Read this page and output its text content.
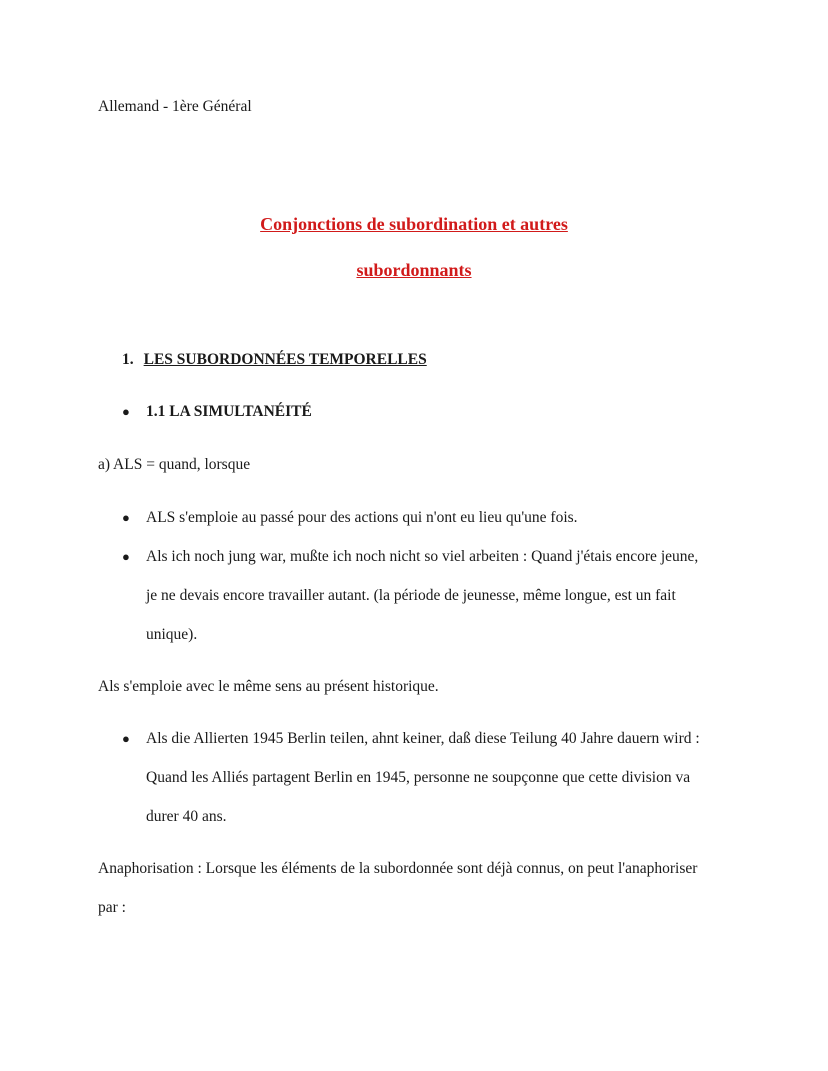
Allemand - 1ère Général
Conjonctions de subordination et autres
subordonnants
1. LES SUBORDONNÉES TEMPORELLES
● 1.1 LA SIMULTANÉITÉ
a) ALS = quand, lorsque
● ALS s'emploie au passé pour des actions qui n'ont eu lieu qu'une fois.
● Als ich noch jung war, mußte ich noch nicht so viel arbeiten : Quand j'étais encore jeune,
je ne devais encore travailler autant. (la période de jeunesse, même longue, est un fait
unique).
Als s'emploie avec le même sens au présent historique.
● Als die Allierten 1945 Berlin teilen, ahnt keiner, daß diese Teilung 40 Jahre dauern wird :
Quand les Alliés partagent Berlin en 1945, personne ne soupçonne que cette division va
durer 40 ans.
Anaphorisation : Lorsque les éléments de la subordonnée sont déjà connus, on peut l'anaphoriser
par :
